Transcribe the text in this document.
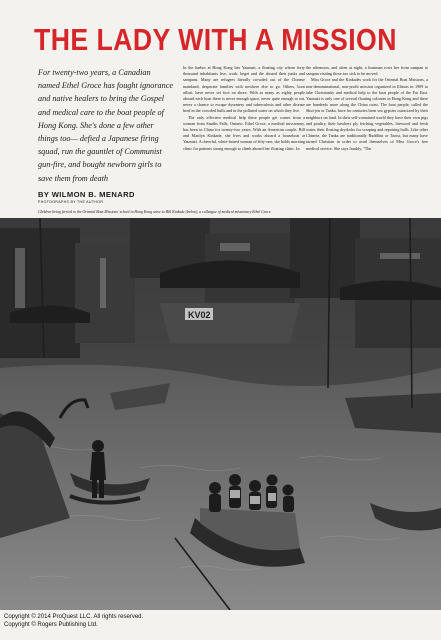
THE LADY WITH A MISSION

For twenty-two years, a Canadian named Ethel Groce has fought ignorance and native healers to bring the Gospel and medical care to the boat people of Hong Kong. She's done a few other things too— defied a Japanese firing squad, run the gauntlet of Communist gun-fire, and bought newborn girls to save them from death

BY WILMON B. MENARD

PHOTOGRAPHS BY THE AUTHOR

In the harbor at Hong Kong lies Yaumati, a floating city whose forty thousand inhabitants live, work, beget and die aboard their junks and sampans. Many are refugees literally crowded out of the Chinese mainland; desperate families with nowhere else to go. Others, born afloat, have never set foot on shore. With as many as eighty people aboard each boat there is never enough space, never quite enough to eat, never a chance to escape dysentery and tuberculosis and other disease bred in the crowded hulls and in the polluted water on which they live.

The only effective medical help these people get comes from a woman from Smiths Falls, Ontario. Ethel Groce, a medical missionary, has been in China for twenty-two years. With an American couple, Bill and Marilyn Kinkade, she lives and works aboard a houseboat at Yaumati. A cheerful, white-haired woman of fifty-one, she holds morning clinic for patients strong enough to climb aboard her floating clinic. In

the afternoon, and often at night, a boatman rows her from sampan to sampan visiting those too sick to be moved.

Miss Groce and the Kinkades work for the Oriental Boat Missions, a non-denominational, non-profit mission organized in Illinois in 1909 to take Christianity and medical help to the boat people of the Far East. Yaumati is only one of several floating colonies in Hong Kong and there are hundreds more along the China coast. The boat people, called the Shui-jen or Tanka, have for centuries been sea gypsies ostracized by their neighbors on land. In their self-contained world they have their own pigs and poultry, their hawkers ply fetching vegetables, firewood and fresh water, their floating drydocks for scraping and repairing hulls. Like other Chinese, the Tanka are traditionally Buddhist or Taoist, but many have turned Christian in order to avail themselves of Miss Groce's free medical service. She says frankly, "The

Children being ferried to the Oriental Boat Missions' school in Hong Kong wave to Bill Kinkade (below), a colleague of medical missionary Ethel Groce.

KV02

Copyright © 2014 ProQuest LLC. All rights reserved.
Copyright © Rogers Publishing Ltd.
